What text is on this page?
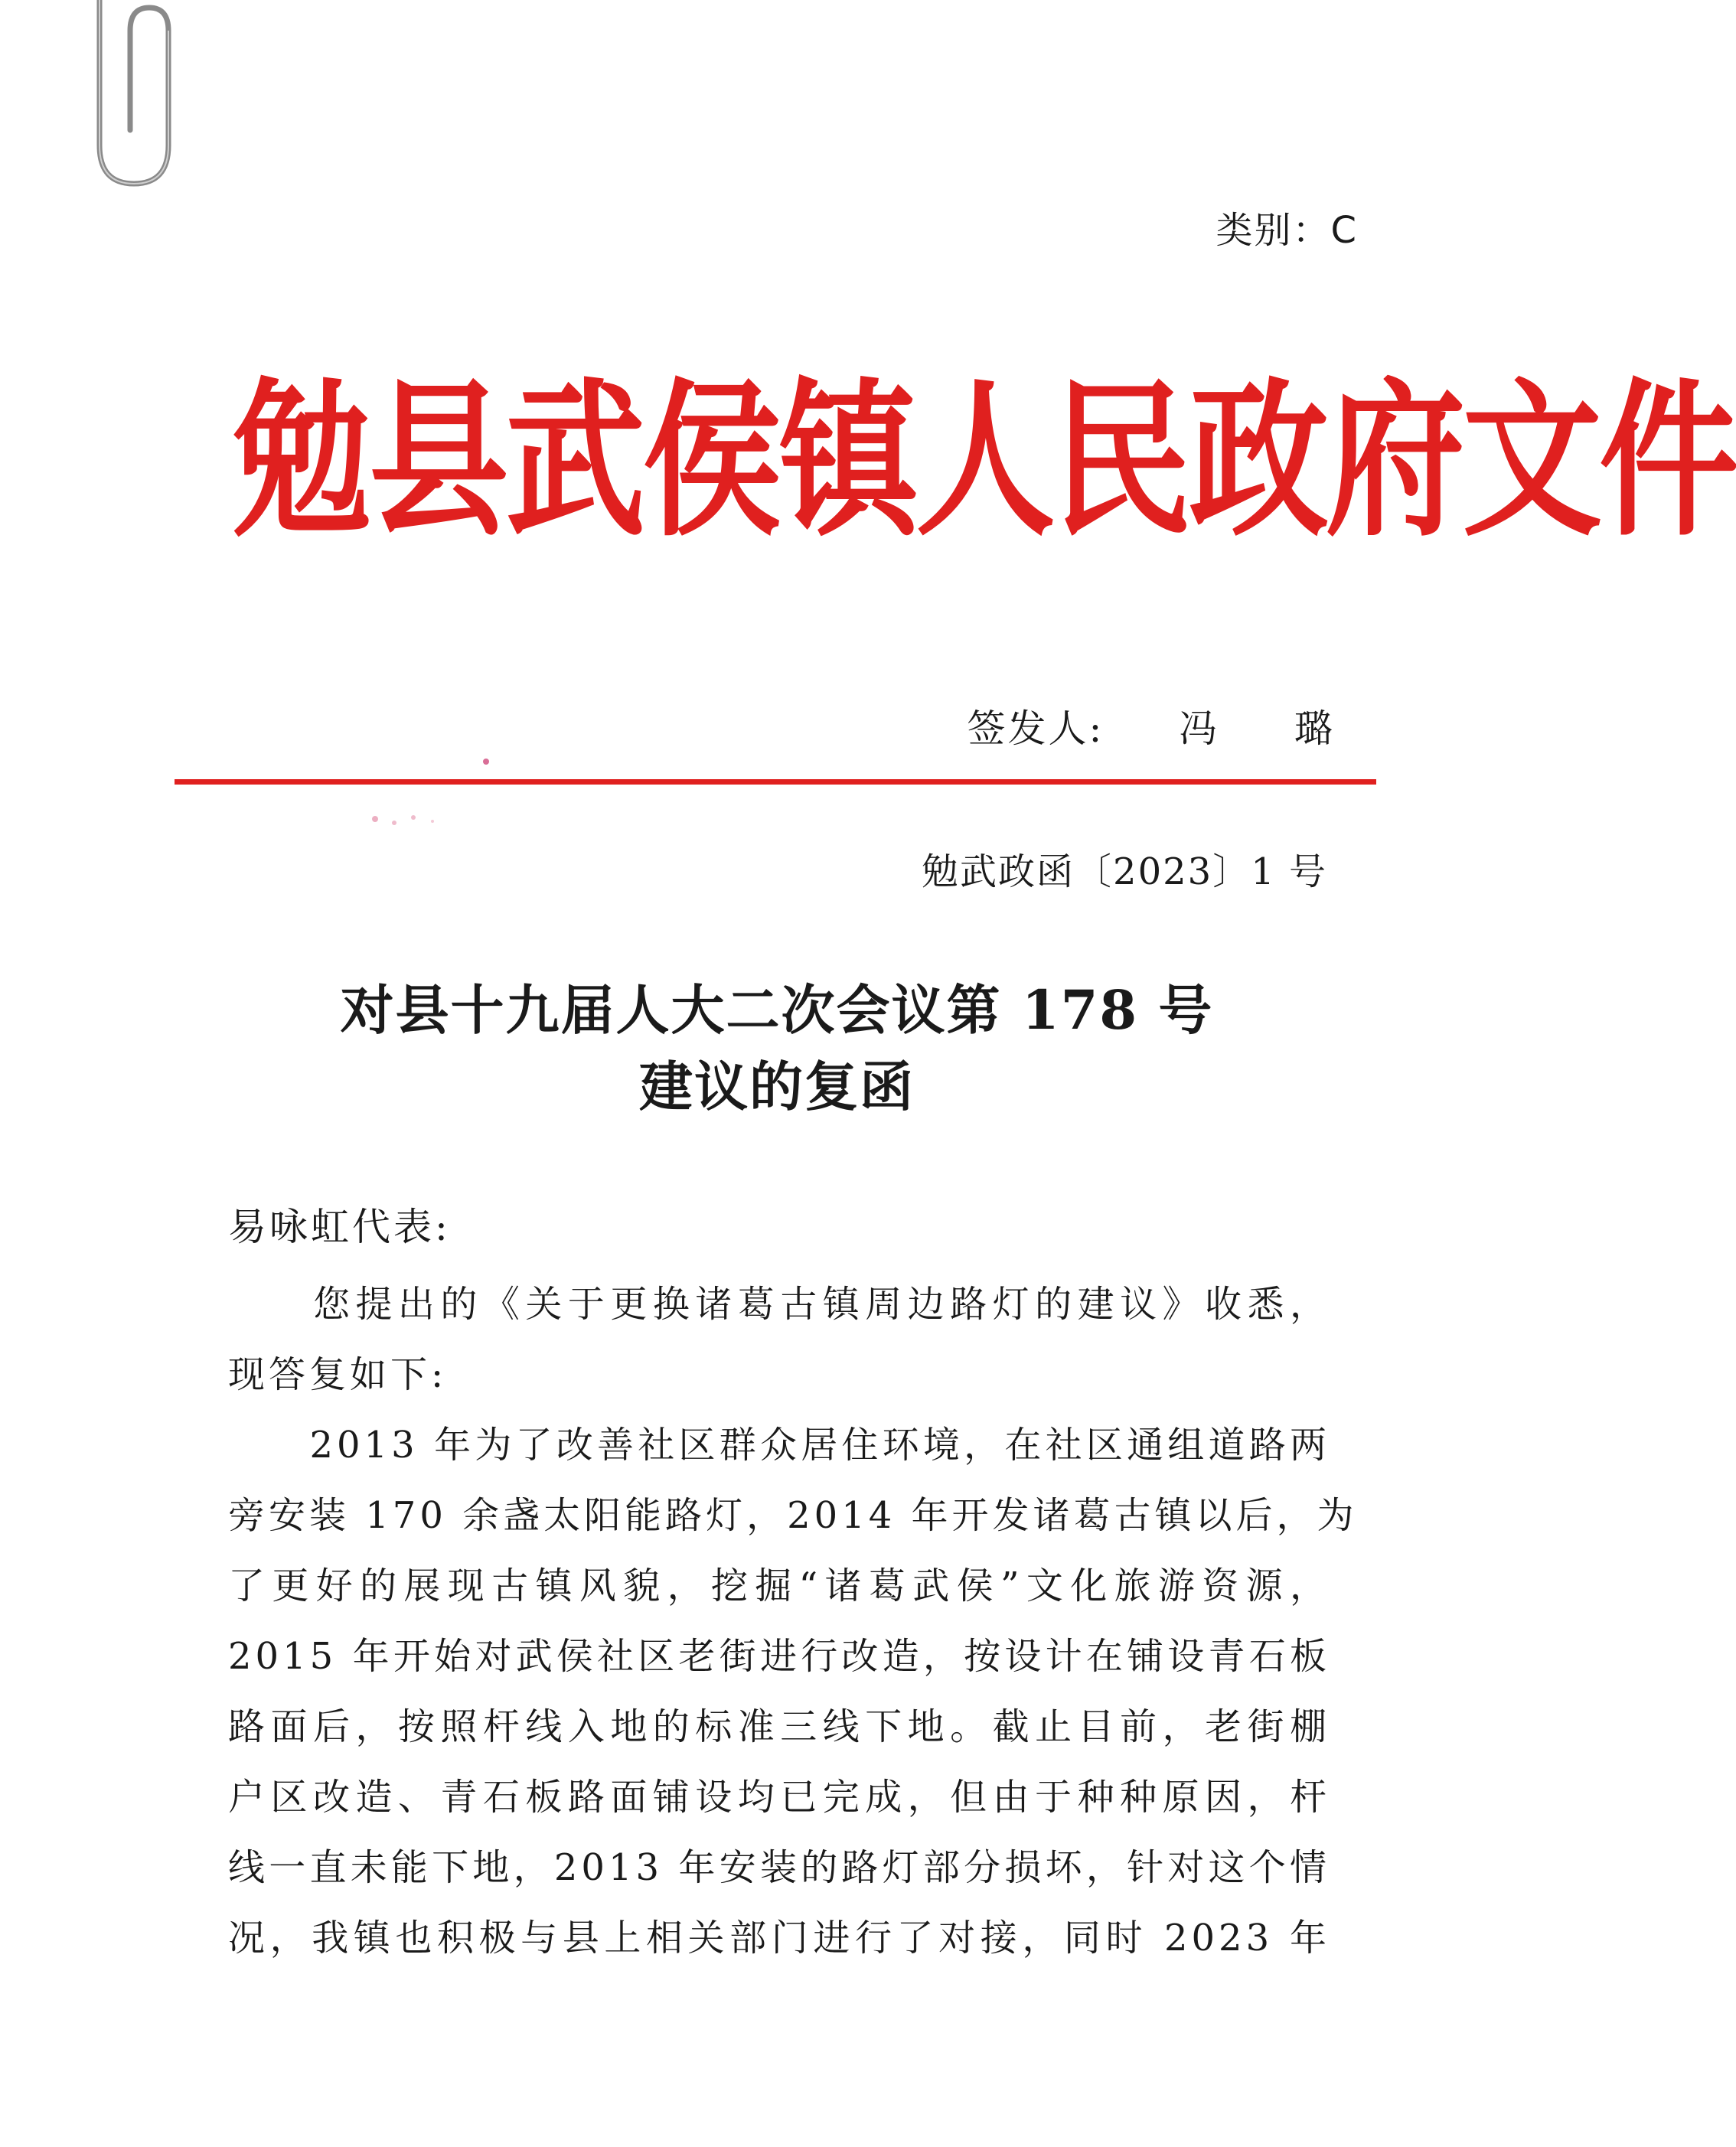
类别：C
勉县武侯镇人民政府文件
签发人: 冯 璐
勉武政函〔2023〕1 号
对县十九届人大二次会议第 178 号
建议的复函
易咏虹代表:
　　您提出的《关于更换诸葛古镇周边路灯的建议》收悉，
现答复如下:
　　2013 年为了改善社区群众居住环境，在社区通组道路两
旁安装 170 余盏太阳能路灯，2014 年开发诸葛古镇以后，为
了更好的展现古镇风貌，挖掘“诸葛武侯”文化旅游资源，
2015 年开始对武侯社区老街进行改造，按设计在铺设青石板
路面后，按照杆线入地的标准三线下地。截止目前，老街棚
户区改造、青石板路面铺设均已完成，但由于种种原因，杆
线一直未能下地，2013 年安装的路灯部分损坏，针对这个情
况，我镇也积极与县上相关部门进行了对接，同时 2023 年
